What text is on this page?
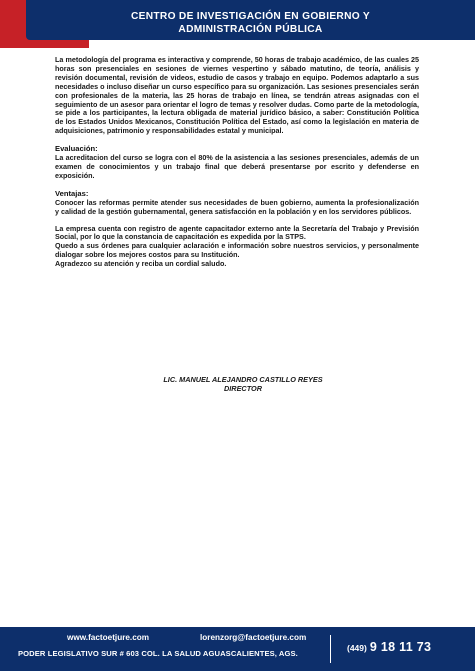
CENTRO DE INVESTIGACIÓN EN GOBIERNO Y
ADMINISTRACIÓN PÚBLICA

La metodología del programa es interactiva y comprende, 50 horas de trabajo académico, de las cuales 25 horas son presenciales en sesiones de viernes vespertino y sábado matutino, de teoría, análisis y revisión documental, revisión de videos, estudio de casos y trabajo en equipo. Podemos adaptarlo a sus necesidades o incluso diseñar un curso específico para su organización. Las sesiones presenciales serán con profesionales de la materia, las 25 horas de trabajo en línea, se tendrán atreas asignadas con el seguimiento de un asesor para orientar el logro de temas y resolver dudas. Como parte de la metodología, se pide a los participantes, la lectura obligada de material jurídico básico, a saber: Constitución Política de los Estados Unidos Mexicanos, Constitución Política del Estado, así como la legislación en materia de adquisiciones, patrimonio y responsabilidades estatal y municipal.

Evaluación:

La acreditacion del curso se logra con el 80% de la asistencia a las sesiones presenciales, además de un examen de conocimientos y un trabajo final que deberá presentarse por escrito y defenderse en exposición.

Ventajas:

Conocer las reformas permite atender sus necesidades de buen gobierno, aumenta la profesionalización y calidad de la gestión gubernamental, genera satisfacción en la población y en los servidores públicos.

La empresa cuenta con registro de agente capacitador externo ante la Secretaría del Trabajo y Previsión Social, por lo que la constancia de capacitación es expedida por la STPS.

Quedo a sus órdenes para cualquier aclaración e información sobre nuestros servicios, y personalmente dialogar sobre los mejores costos para su Institución.

Agradezco su atención y reciba un cordial saludo.

LIC. MANUEL ALEJANDRO CASTILLO REYES
DIRECTOR
www.factoetjure.com	lorenzorg@factoetjure.com
PODER LEGISLATIVO SUR # 603 COL. LA SALUD AGUASCALIENTES, AGS.
(449) 9 18 11 73
